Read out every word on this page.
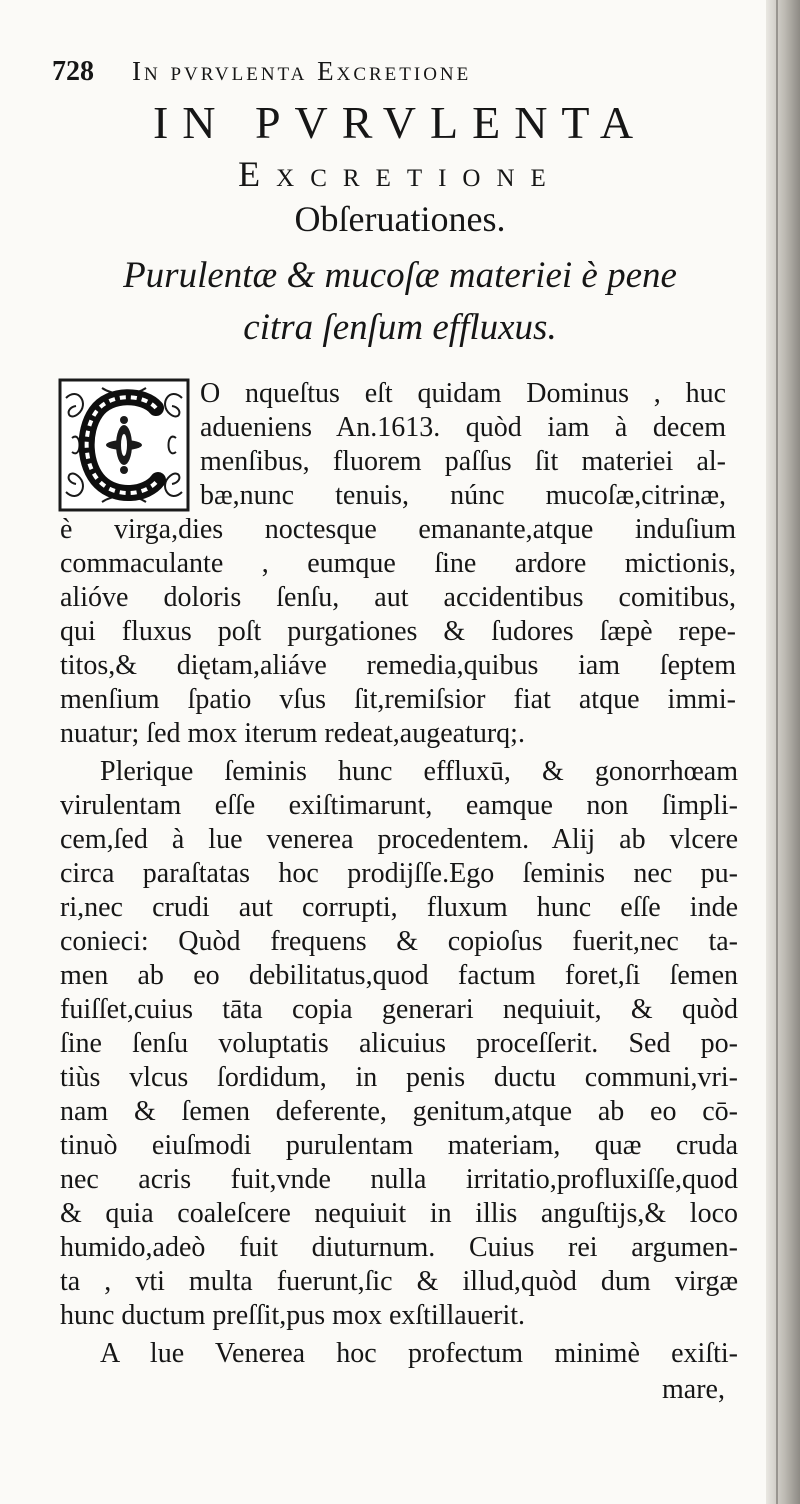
728	In pvrvlenta Excretione
IN PVRVLENTA
Excretione
Obſeruationes.
Purulentæ & mucoſæ materiei è pene
citra ſenſum effluxus.
O nqueſtus eſt quidam Dominus , huc
adueniens An.1613. quòd iam à decem
menſibus, fluorem paſſus ſit materiei al-
bæ,nunc tenuis, núnc mucoſæ,citrinæ,
è virga,dies noctesque emanante,atque induſium
commaculante , eumque ſine ardore mictionis,
alióve doloris ſenſu, aut accidentibus comitibus,
qui fluxus poſt purgationes & ſudores ſæpè repe-
titos,& diętam,aliáve remedia,quibus iam ſeptem
menſium ſpatio vſus ſit,remiſsior fiat atque immi-
nuatur; ſed mox iterum redeat,augeaturq;.
Plerique ſeminis hunc effluxū, & gonorrhœam
virulentam eſſe exiſtimarunt, eamque non ſimpli-
cem,ſed à lue venerea procedentem. Alij ab vlcere
circa paraſtatas hoc prodijſſe.Ego ſeminis nec pu-
ri,nec crudi aut corrupti, fluxum hunc eſſe inde
conieci: Quòd frequens & copioſus fuerit,nec ta-
men ab eo debilitatus,quod factum foret,ſi ſemen
fuiſſet,cuius tāta copia generari nequiuit, & quòd
ſine ſenſu voluptatis alicuius proceſſerit. Sed po-
tiùs vlcus ſordidum, in penis ductu communi,vri-
nam & ſemen deferente, genitum,atque ab eo cō-
tinuò eiuſmodi purulentam materiam, quæ cruda
nec acris fuit,vnde nulla irritatio,profluxiſſe,quod
& quia coaleſcere nequiuit in illis anguſtijs,& loco
humido,adeò fuit diuturnum. Cuius rei argumen-
ta , vti multa fuerunt,ſic & illud,quòd dum virgæ
hunc ductum preſſit,pus mox exſtillauerit.
A lue Venerea hoc profectum minimè exiſti-
mare,
